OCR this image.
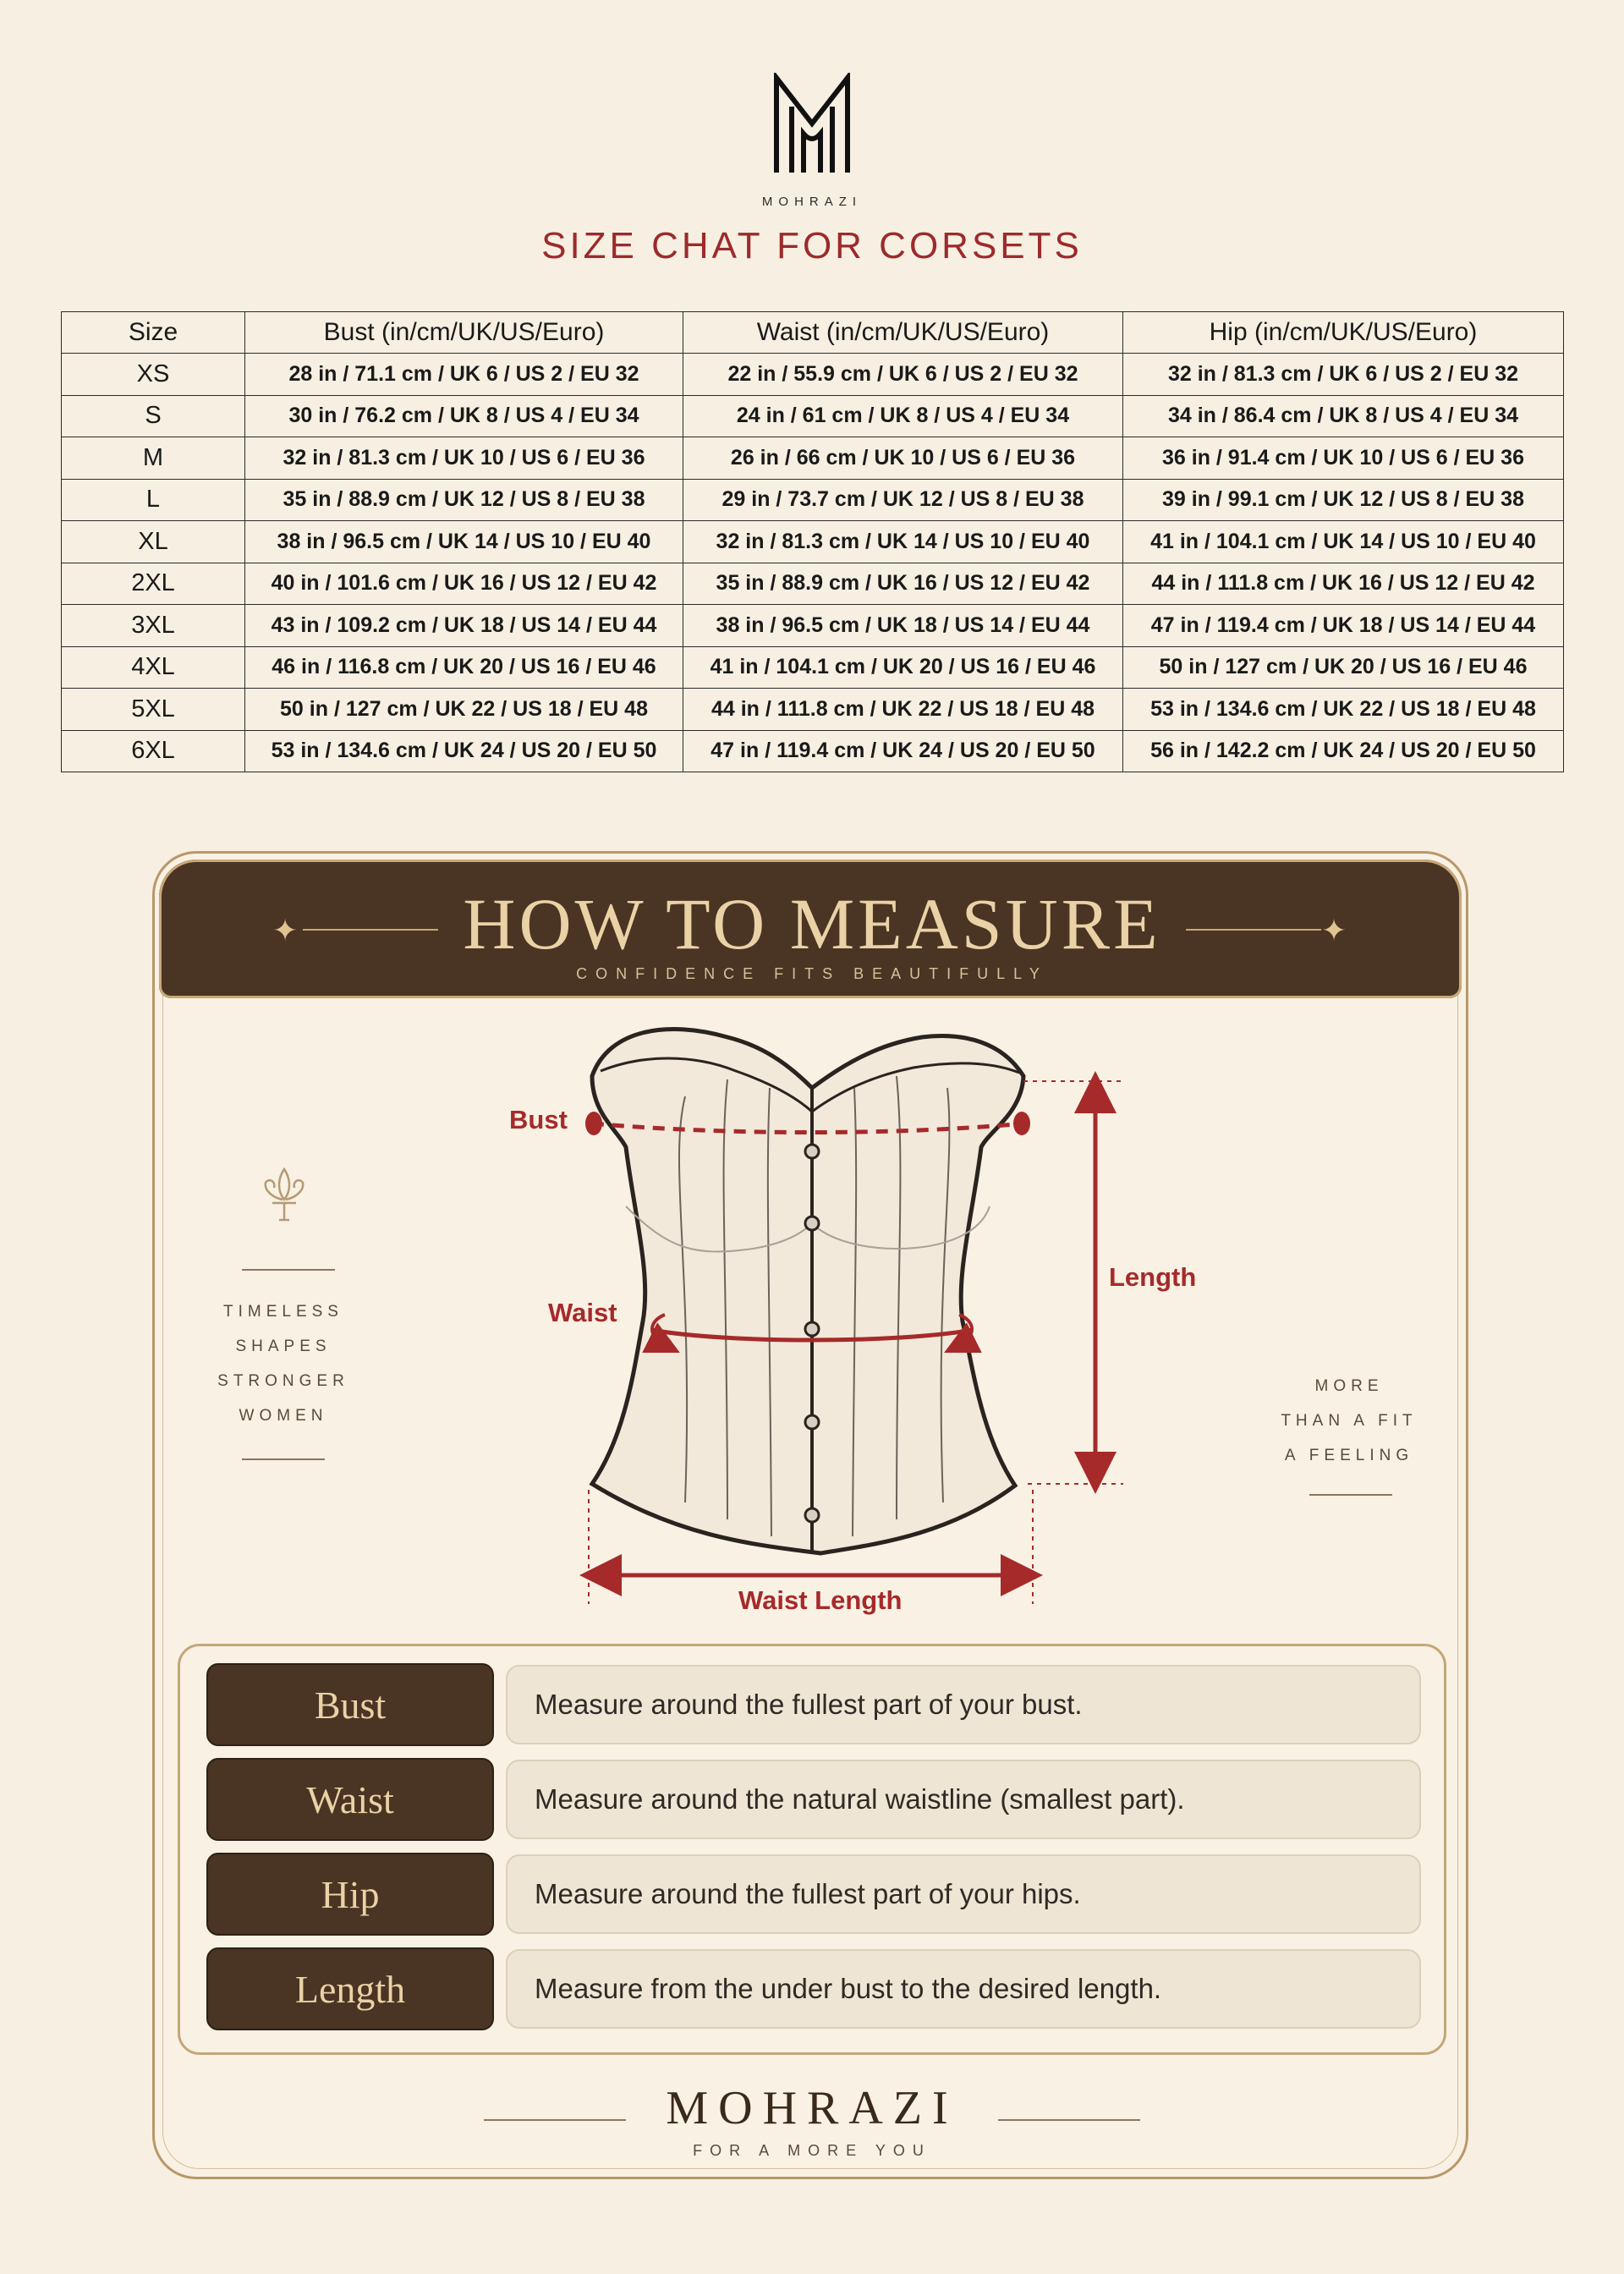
MOHRAZI
SIZE CHAT FOR CORSETS
Size	Bust (in/cm/UK/US/Euro)	Waist (in/cm/UK/US/Euro)	Hip (in/cm/UK/US/Euro)
XS	28 in / 71.1 cm / UK 6 / US 2 / EU 32	22 in / 55.9 cm / UK 6 / US 2 / EU 32	32 in / 81.3 cm / UK 6 / US 2 / EU 32
S	30 in / 76.2 cm / UK 8 / US 4 / EU 34	24 in / 61 cm / UK 8 / US 4 / EU 34	34 in / 86.4 cm / UK 8 / US 4 / EU 34
M	32 in / 81.3 cm / UK 10 / US 6 / EU 36	26 in / 66 cm / UK 10 / US 6 / EU 36	36 in / 91.4 cm / UK 10 / US 6 / EU 36
L	35 in / 88.9 cm / UK 12 / US 8 / EU 38	29 in / 73.7 cm / UK 12 / US 8 / EU 38	39 in / 99.1 cm / UK 12 / US 8 / EU 38
XL	38 in / 96.5 cm / UK 14 / US 10 / EU 40	32 in / 81.3 cm / UK 14 / US 10 / EU 40	41 in / 104.1 cm / UK 14 / US 10 / EU 40
2XL	40 in / 101.6 cm / UK 16 / US 12 / EU 42	35 in / 88.9 cm / UK 16 / US 12 / EU 42	44 in / 111.8 cm / UK 16 / US 12 / EU 42
3XL	43 in / 109.2 cm / UK 18 / US 14 / EU 44	38 in / 96.5 cm / UK 18 / US 14 / EU 44	47 in / 119.4 cm / UK 18 / US 14 / EU 44
4XL	46 in / 116.8 cm / UK 20 / US 16 / EU 46	41 in / 104.1 cm / UK 20 / US 16 / EU 46	50 in / 127 cm / UK 20 / US 16 / EU 46
5XL	50 in / 127 cm / UK 22 / US 18 / EU 48	44 in / 111.8 cm / UK 22 / US 18 / EU 48	53 in / 134.6 cm / UK 22 / US 18 / EU 48
6XL	53 in / 134.6 cm / UK 24 / US 20 / EU 50	47 in / 119.4 cm / UK 24 / US 20 / EU 50	56 in / 142.2 cm / UK 24 / US 20 / EU 50
✦	✦
HOW TO MEASURE
CONFIDENCE FITS BEAUTIFULLY
TIMELESS
SHAPES
STRONGER
WOMEN
MORE
THAN A FIT
A FEELING
Bust
Waist
Length
Waist Length
Bust	Measure around the fullest part of your bust.
Waist	Measure around the natural waistline (smallest part).
Hip	Measure around the fullest part of your hips.
Length	Measure from the under bust to the desired length.
MOHRAZI
FOR A MORE YOU
